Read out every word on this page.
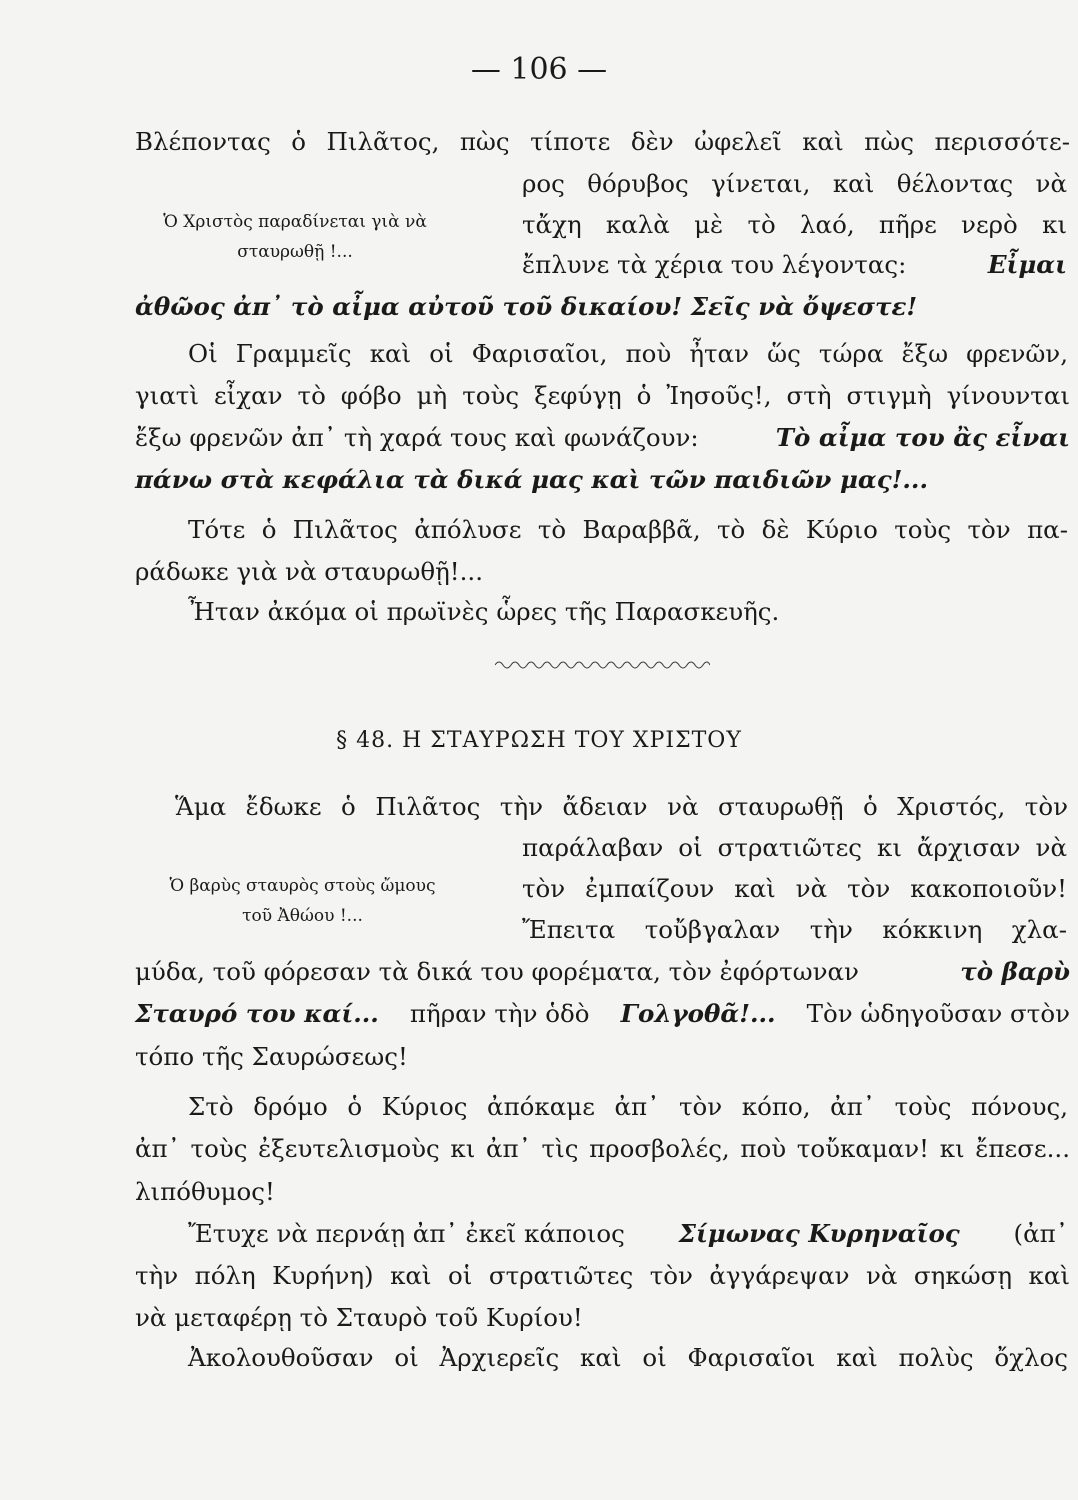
— 106 —
Βλέποντας ὁ Πιλᾶτος, πὼς τίποτε δὲν ὠφελεῖ καὶ πὼς περισσότε-
ρος θόρυβος γίνεται, καὶ θέλοντας νὰ
τἄχη καλὰ μὲ τὸ λαό, πῆρε νερὸ κι
ἔπλυνε τὰ χέρια του λέγοντας:	Εἶμαι
ἀθῶος ἀπ᾽ τὸ αἶμα αὐτοῦ τοῦ δικαίου! Σεῖς νὰ ὄψεστε!
Ὁ Χριστὸς παραδίνεται γιὰ νὰ
σταυρωθῇ !...
Οἱ Γραμμεῖς καὶ οἱ Φαρισαῖοι, ποὺ ἦταν ὥς τώρα ἔξω φρενῶν,
γιατὶ εἶχαν τὸ φόβο μὴ τοὺς ξεφύγῃ ὁ Ἰησοῦς!, στὴ στιγμὴ γίνουνται
ἔξω φρενῶν ἀπ᾽ τὴ χαρά τους καὶ φωνάζουν:	Τὸ αἶμα του ἂς εἶναι
πάνω στὰ κεφάλια τὰ δικά μας καὶ τῶν παιδιῶν μας!...
Τότε ὁ Πιλᾶτος ἀπόλυσε τὸ Βαραββᾶ, τὸ δὲ Κύριο τοὺς τὸν πα-
ράδωκε γιὰ νὰ σταυρωθῇ!...
Ἦταν ἀκόμα οἱ πρωϊνὲς ὧρες τῆς Παρασκευῆς.
§ 48. Η ΣΤΑΥΡΩΣΗ ΤΟΥ ΧΡΙΣΤΟΥ
Ἅμα ἔδωκε ὁ Πιλᾶτος τὴν ἄδειαν νὰ σταυρωθῇ ὁ Χριστός, τὸν
παράλαβαν οἱ στρατιῶτες κι ἄρχισαν νὰ
τὸν ἐμπαίζουν καὶ νὰ τὸν κακοποιοῦν!
Ἔπειτα τοὔβγαλαν τὴν κόκκινη χλα-
μύδα, τοῦ φόρεσαν τὰ δικά του φορέματα, τὸν ἐφόρτωναν	τὸ βαρὺ
Σταυρό του καί... πῆραν τὴν ὁδὸ Γολγοθᾶ!... Τὸν ὡδηγοῦσαν στὸν
τόπο τῆς Σαυρώσεως!
Ὁ βαρὺς σταυρὸς στοὺς ὤμους
τοῦ Ἀθώου !...
Στὸ δρόμο ὁ Κύριος ἀπόκαμε ἀπ᾽ τὸν κόπο, ἀπ᾽ τοὺς πόνους,
ἀπ᾽ τοὺς ἐξευτελισμοὺς κι ἀπ᾽ τὶς προσβολές, ποὺ τοὔκαμαν! κι ἔπεσε...
λιπόθυμος!
Ἔτυχε νὰ περνάῃ ἀπ᾽ ἐκεῖ κάποιος Σίμωνας Κυρηναῖος (ἀπ᾽
τὴν πόλη Κυρήνη) καὶ οἱ στρατιῶτες τὸν ἀγγάρεψαν νὰ σηκώσῃ καὶ
νὰ μεταφέρῃ τὸ Σταυρὸ τοῦ Κυρίου!
Ἀκολουθοῦσαν οἱ Ἀρχιερεῖς καὶ οἱ Φαρισαῖοι καὶ πολὺς ὄχλος
